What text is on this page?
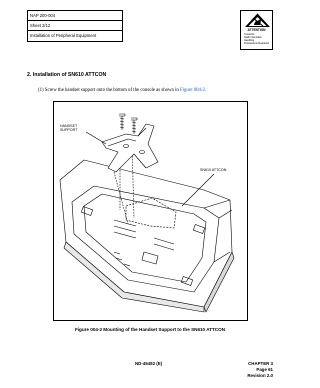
NAP 200-004
Sheet 2/12
Installation of Peripheral Equipment
ATTENTION
Contents
Static Sensitive
Handling
Precautions Required
2. Installation of SN610 ATTCON
(1) Screw the handset support onto the bottom of the console as shown in Figure 004-2.
HANDSET
SUPPORT
SN610 ATTCON
Figure 004-2 Mounting of the Handset Support to the SN610 ATTCON
ND-45492 (E)	CHAPTER 3
Page 61
Revision 2.0
